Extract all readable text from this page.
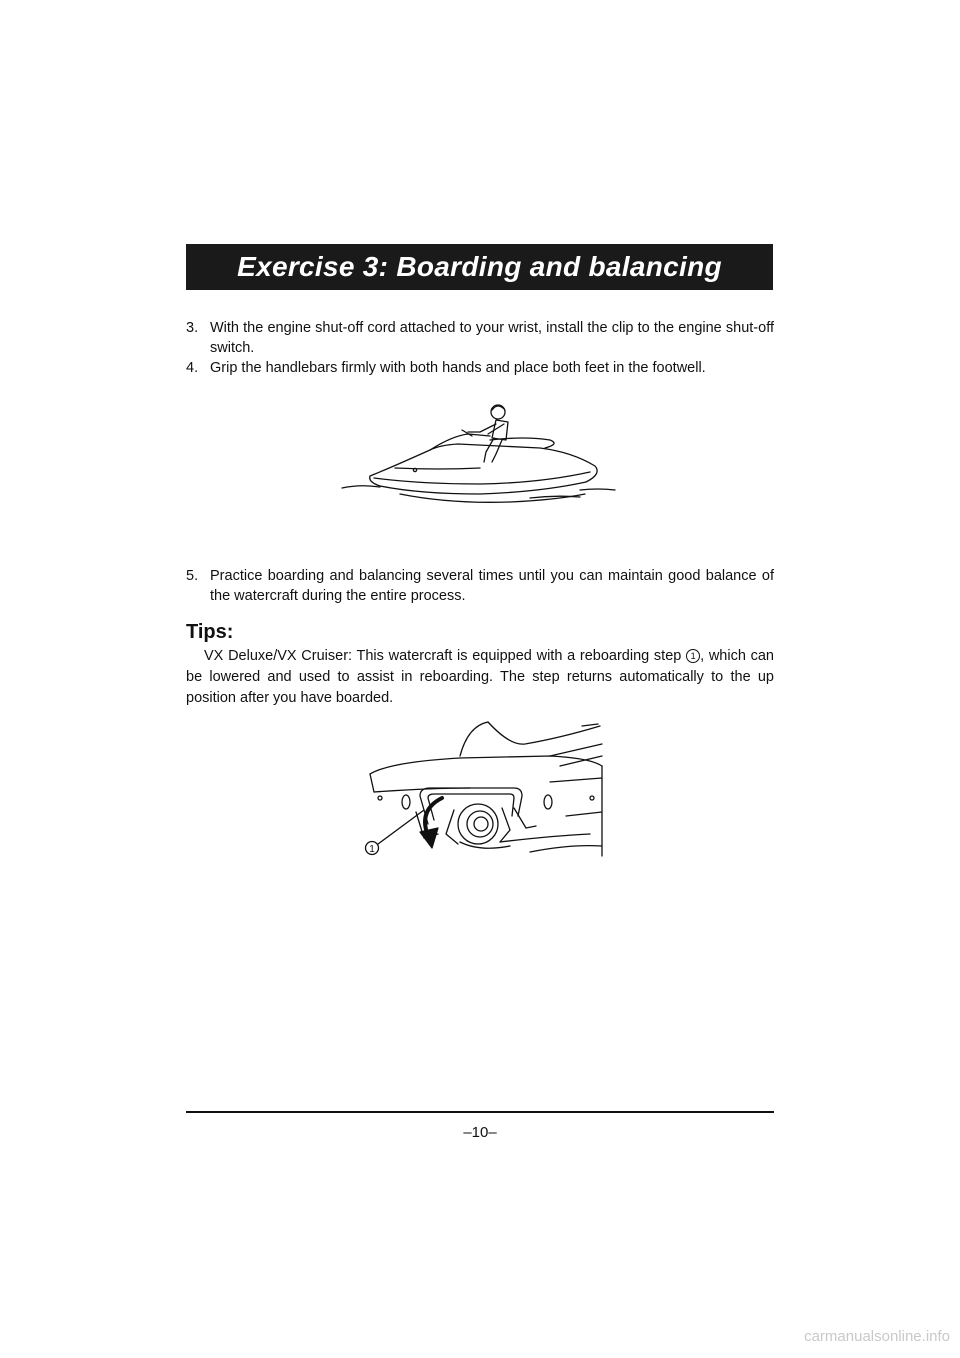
Exercise 3: Boarding and balancing
3. With the engine shut-off cord attached to your wrist, install the clip to the engine shut-off switch.
4. Grip the handlebars firmly with both hands and place both feet in the footwell.
5. Practice boarding and balancing several times until you can maintain good balance of the watercraft during the entire process.
Tips:

VX Deluxe/VX Cruiser: This watercraft is equipped with a reboarding step 1 , which can be lowered and used to assist in reboarding. The step returns automatically to the up position after you have boarded.

1
–10–
carmanualsonline.info
